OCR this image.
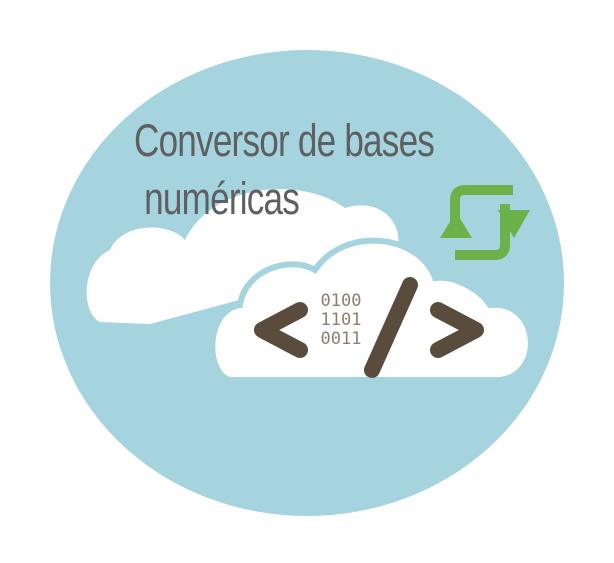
0100
1101
0011
Conversor de bases
numéricas
